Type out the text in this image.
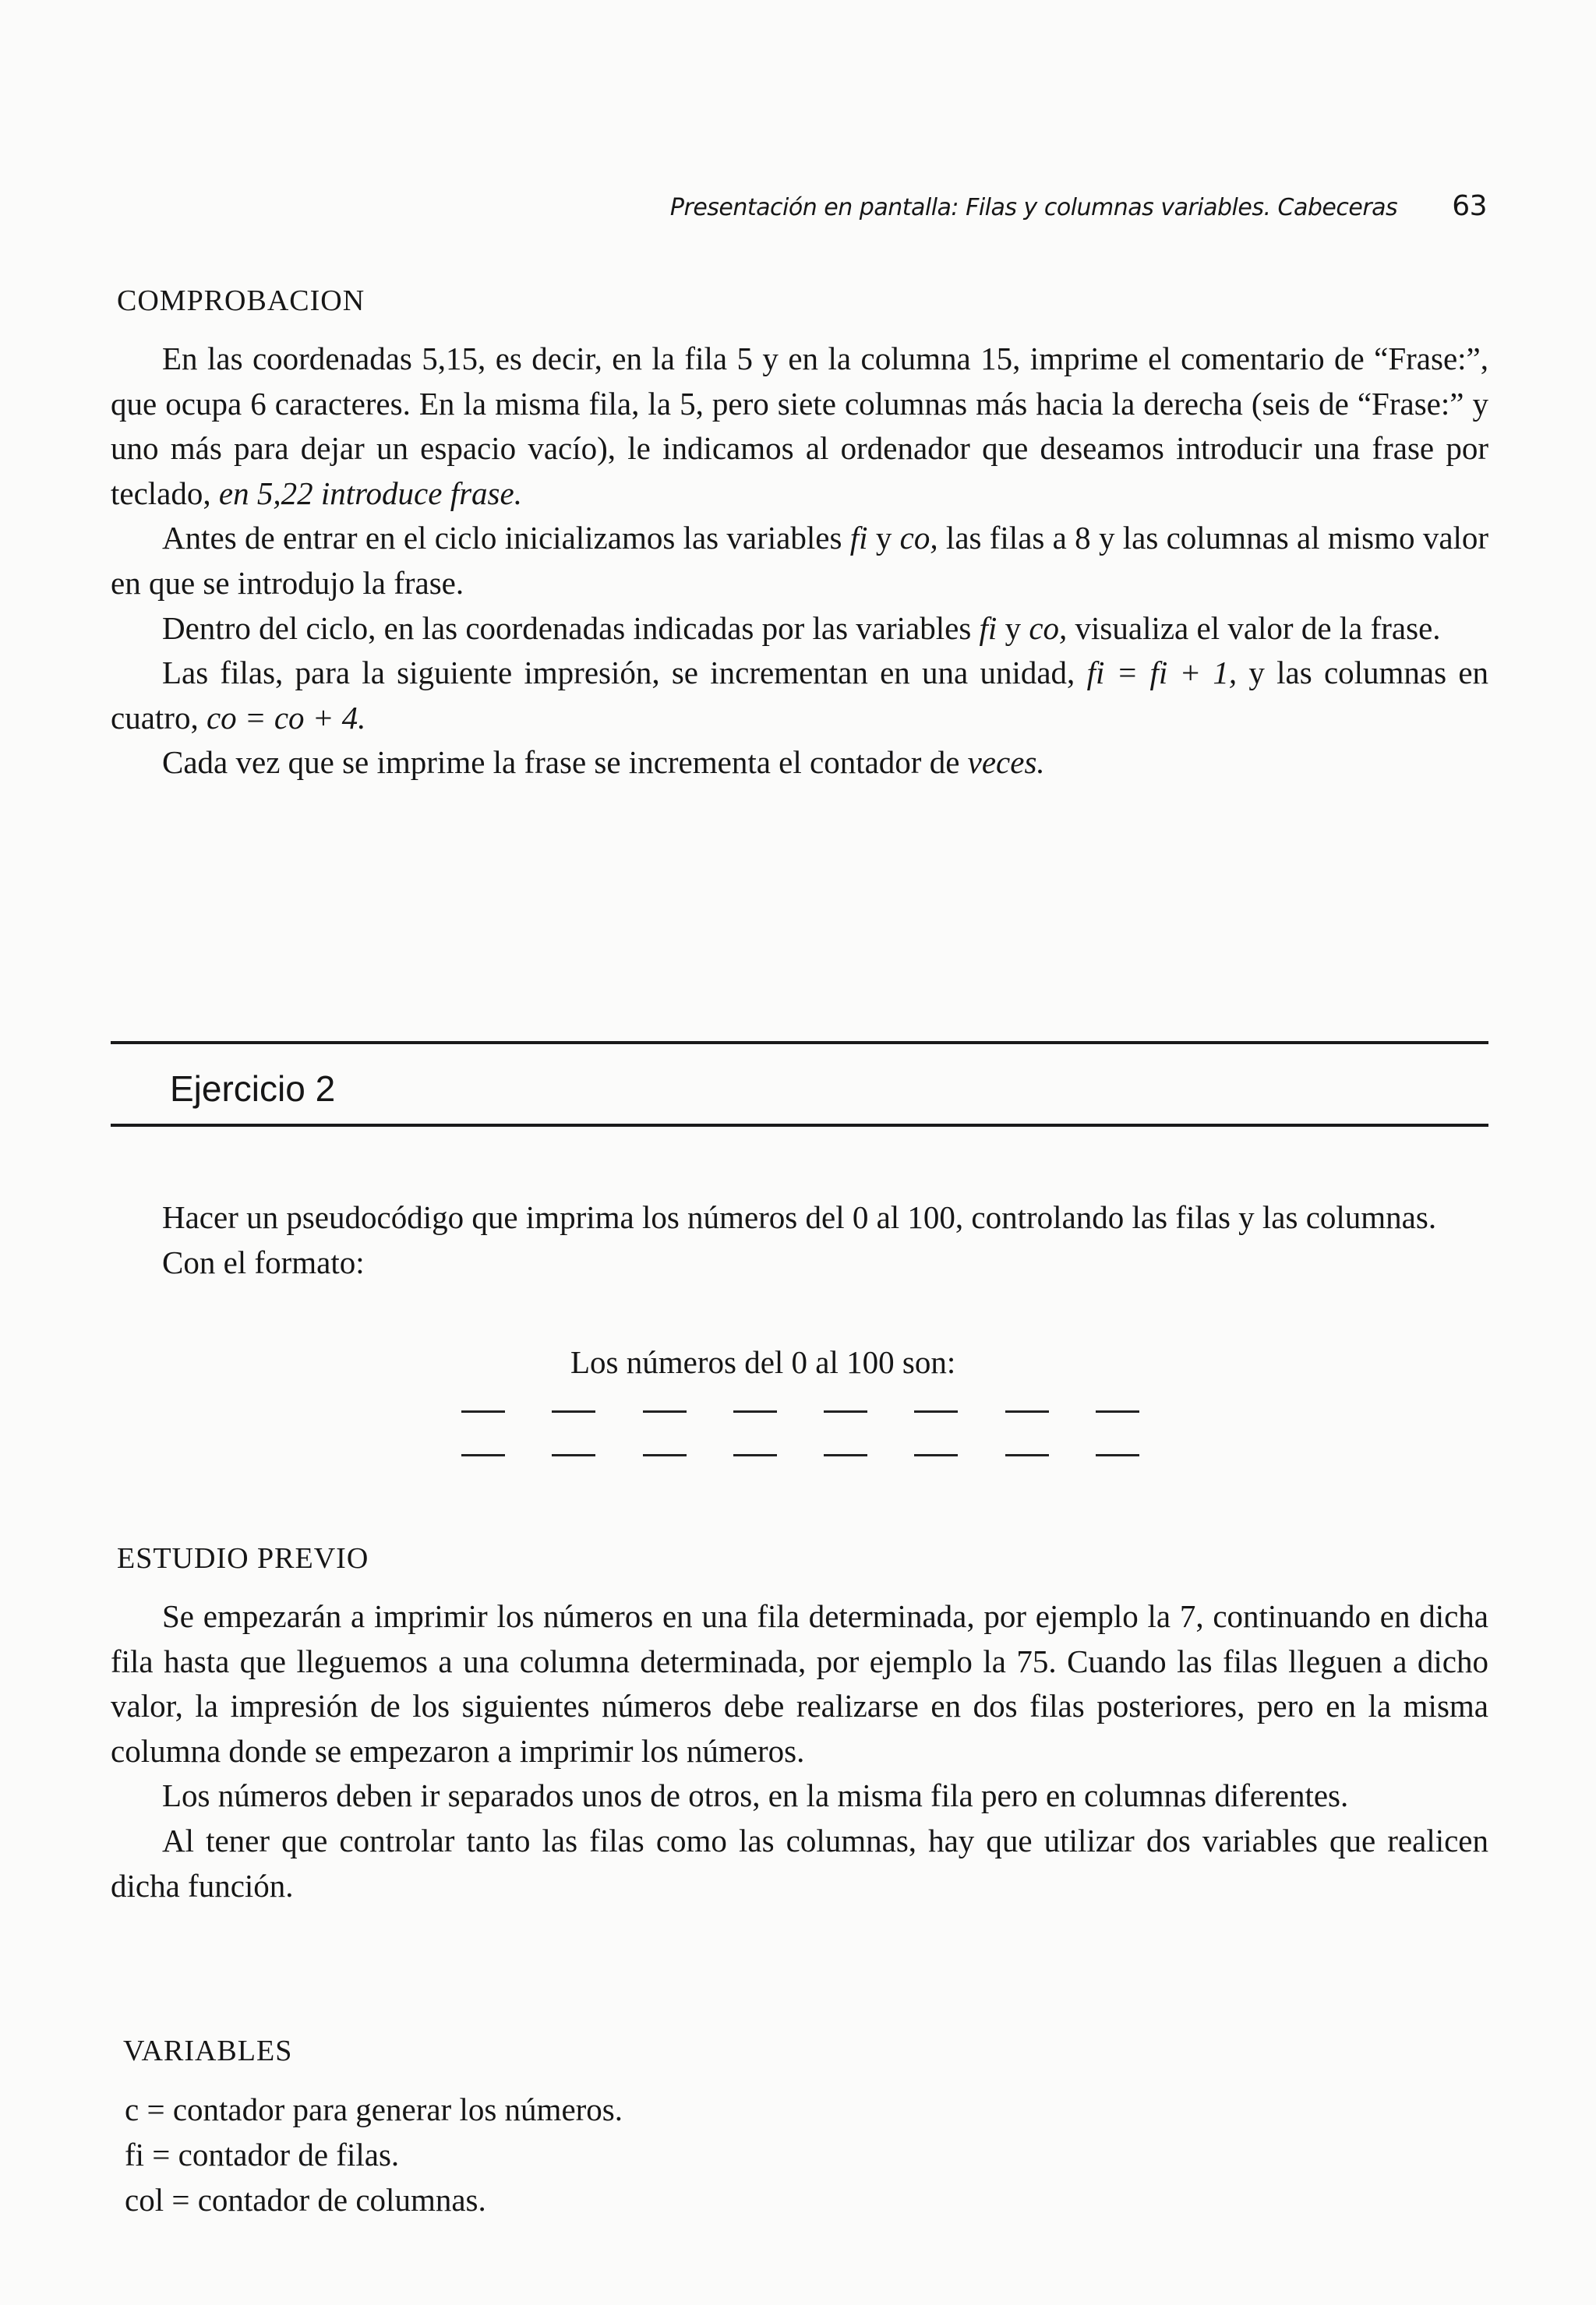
Presentación en pantalla: Filas y columnas variables. Cabeceras 63
COMPROBACION

En las coordenadas 5,15, es decir, en la fila 5 y en la columna 15, imprime el comentario de “Frase:”, que ocupa 6 caracteres. En la misma fila, la 5, pero siete columnas más hacia la derecha (seis de “Frase:” y uno más para dejar un espacio vacío), le indicamos al ordenador que deseamos introducir una frase por teclado, en 5,22 introduce frase.

Antes de entrar en el ciclo inicializamos las variables fi y co, las filas a 8 y las columnas al mismo valor en que se introdujo la frase.

Dentro del ciclo, en las coordenadas indicadas por las variables fi y co, visualiza el valor de la frase.

Las filas, para la siguiente impresión, se incrementan en una unidad, fi = fi + 1, y las columnas en cuatro, co = co + 4.

Cada vez que se imprime la frase se incrementa el contador de veces.

Ejercicio 2

Hacer un pseudocódigo que imprima los números del 0 al 100, controlando las filas y las columnas.

Con el formato:

Los números del 0 al 100 son:
ESTUDIO PREVIO

Se empezarán a imprimir los números en una fila determinada, por ejemplo la 7, continuando en dicha fila hasta que lleguemos a una columna determinada, por ejemplo la 75. Cuando las filas lleguen a dicho valor, la impresión de los siguientes números debe realizarse en dos filas posteriores, pero en la misma columna donde se empezaron a imprimir los números.

Los números deben ir separados unos de otros, en la misma fila pero en columnas diferentes.

Al tener que controlar tanto las filas como las columnas, hay que utilizar dos variables que realicen dicha función.

VARIABLES
c = contador para generar los números.
fi = contador de filas.
col = contador de columnas.
